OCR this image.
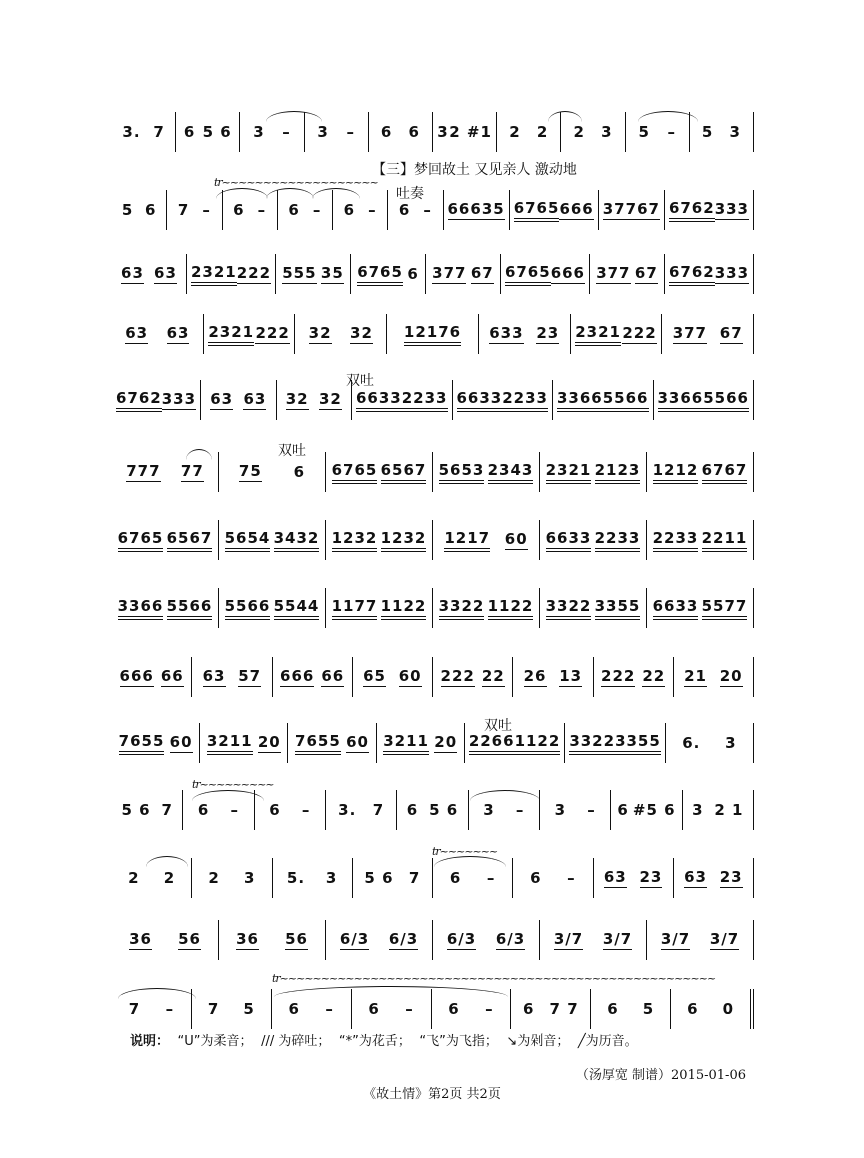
【三】梦回故土 又见亲人 激动地
吐奏
双吐
双吐
双吐
tr~~~~~~~~~~~~~~~~~~~
tr~~~~~~~~~
tr~~~~~~~
tr~~~~~~~~~~~~~~~~~~~~~~~~~~~~~~~~~~~~~~~~~~~~~~~~~~~~~
3. 7 6 5 6 3 – 3 – 6 6 3 2 #1 2 2 2 3 5 – 5 3
5 6 7 – 6 – 6 – 6 – 6 – 666 35 6765 666 377 67 6762 333
63 63 2321 222 555 35 6765 6 377 67 6765 666 377 67 6762 333
63 63 2321 222 32 32 12176 633 23 2321 222 377 67
6762 333 63 63 32 32 6633 2233 6633 2233 3366 5566 3366 5566
777 77 75 6 6765 6567 5653 2343 2321 2123 1212 6767
6765 6567 5654 3432 1232 1232 1217 60 6633 2233 2233 2211
3366 5566 5566 5544 1177 1122 3322 1122 3322 3355 6633 5577
666 66 63 57 666 66 65 60 222 22 26 13 222 22 21 20
7655 60 3211 20 7655 60 3211 20 2266 1122 3322 3355 6. 3
5 6 7 6 – 6 – 3. 7 6 5 6 3 – 3 – 6 #5 6 3 2 1
2 2 2 3 5. 3 5 6 7 6 – 6 – 63 23 63 23
36 56 36 56 6/3 6/3 6/3 6/3 3/7 3/7 3/7 3/7
7 – 7 5 6 – 6 – 6 – 6 7 7 6 5 6 0
说明： “U”为柔音； /// 为碎吐； “*”为花舌； “飞”为飞指； ↘为剁音； ╱为历音。
（汤厚宽 制谱）2015-01-06
《故土情》第2页 共2页
